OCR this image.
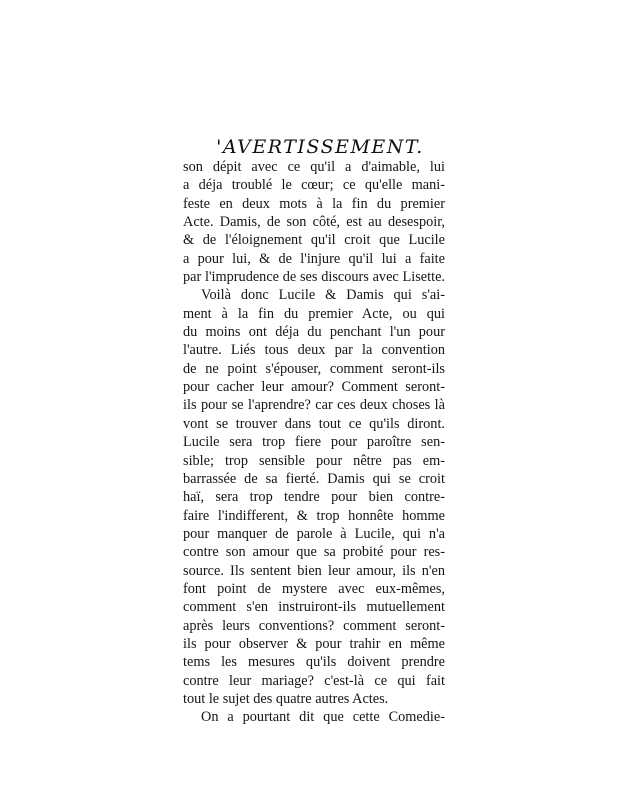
'AVERTISSEMENT.
son dépit avec ce qu'il a d'aimable, lui
a déja troublé le cœur; ce qu'elle mani-
feste en deux mots à la fin du premier
Acte. Damis, de son côté, est au desespoir,
& de l'éloignement qu'il croit que Lucile
a pour lui, & de l'injure qu'il lui a faite
par l'imprudence de ses discours avec Lisette.
Voilà donc Lucile & Damis qui s'ai-
ment à la fin du premier Acte, ou qui
du moins ont déja du penchant l'un pour
l'autre. Liés tous deux par la convention
de ne point s'épouser, comment seront-ils
pour cacher leur amour? Comment seront-
ils pour se l'aprendre? car ces deux choses là
vont se trouver dans tout ce qu'ils diront.
Lucile sera trop fiere pour paroître sen-
sible; trop sensible pour nêtre pas em-
barrassée de sa fierté. Damis qui se croit
haï, sera trop tendre pour bien contre-
faire l'indifferent, & trop honnête homme
pour manquer de parole à Lucile, qui n'a
contre son amour que sa probité pour res-
source. Ils sentent bien leur amour, ils n'en
font point de mystere avec eux-mêmes,
comment s'en instruiront-ils mutuellement
après leurs conventions? comment seront-
ils pour observer & pour trahir en même
tems les mesures qu'ils doivent prendre
contre leur mariage? c'est-là ce qui fait
tout le sujet des quatre autres Actes.
On a pourtant dit que cette Comedie-
